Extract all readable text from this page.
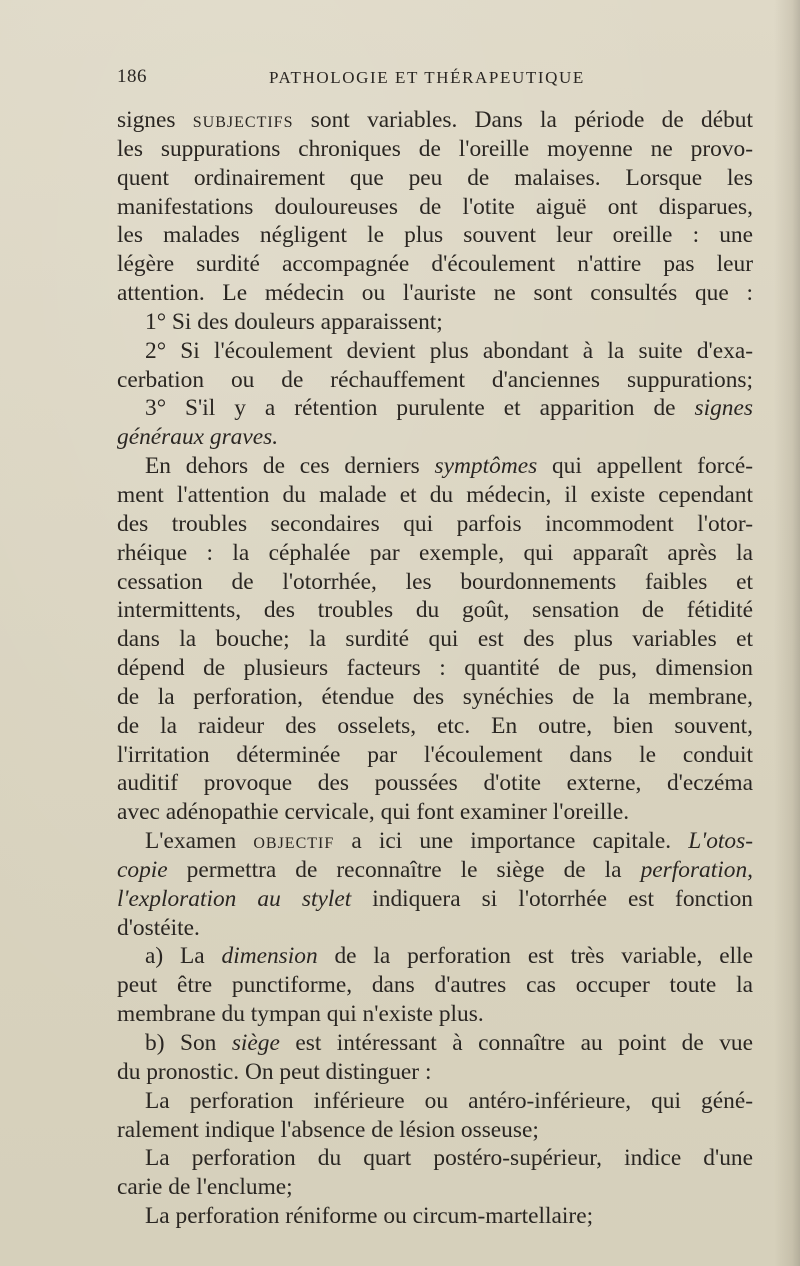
186	PATHOLOGIE ET THÉRAPEUTIQUE
signes subjectifs sont variables. Dans la période de début
les suppurations chroniques de l'oreille moyenne ne provo-
quent ordinairement que peu de malaises. Lorsque les
manifestations douloureuses de l'otite aiguë ont disparues,
les malades négligent le plus souvent leur oreille : une
légère surdité accompagnée d'écoulement n'attire pas leur
attention. Le médecin ou l'auriste ne sont consultés que :
1° Si des douleurs apparaissent;
2° Si l'écoulement devient plus abondant à la suite d'exa-
cerbation ou de réchauffement d'anciennes suppurations;
3° S'il y a rétention purulente et apparition de signes
généraux graves.
En dehors de ces derniers symptômes qui appellent forcé-
ment l'attention du malade et du médecin, il existe cependant
des troubles secondaires qui parfois incommodent l'otor-
rhéique : la céphalée par exemple, qui apparaît après la
cessation de l'otorrhée, les bourdonnements faibles et
intermittents, des troubles du goût, sensation de fétidité
dans la bouche; la surdité qui est des plus variables et
dépend de plusieurs facteurs : quantité de pus, dimension
de la perforation, étendue des synéchies de la membrane,
de la raideur des osselets, etc. En outre, bien souvent,
l'irritation déterminée par l'écoulement dans le conduit
auditif provoque des poussées d'otite externe, d'eczéma
avec adénopathie cervicale, qui font examiner l'oreille.
L'examen objectif a ici une importance capitale. L'otos-
copie permettra de reconnaître le siège de la perforation,
l'exploration au stylet indiquera si l'otorrhée est fonction
d'ostéite.
a) La dimension de la perforation est très variable, elle
peut être punctiforme, dans d'autres cas occuper toute la
membrane du tympan qui n'existe plus.
b) Son siège est intéressant à connaître au point de vue
du pronostic. On peut distinguer :
La perforation inférieure ou antéro-inférieure, qui géné-
ralement indique l'absence de lésion osseuse;
La perforation du quart postéro-supérieur, indice d'une
carie de l'enclume;
La perforation réniforme ou circum-martellaire;
